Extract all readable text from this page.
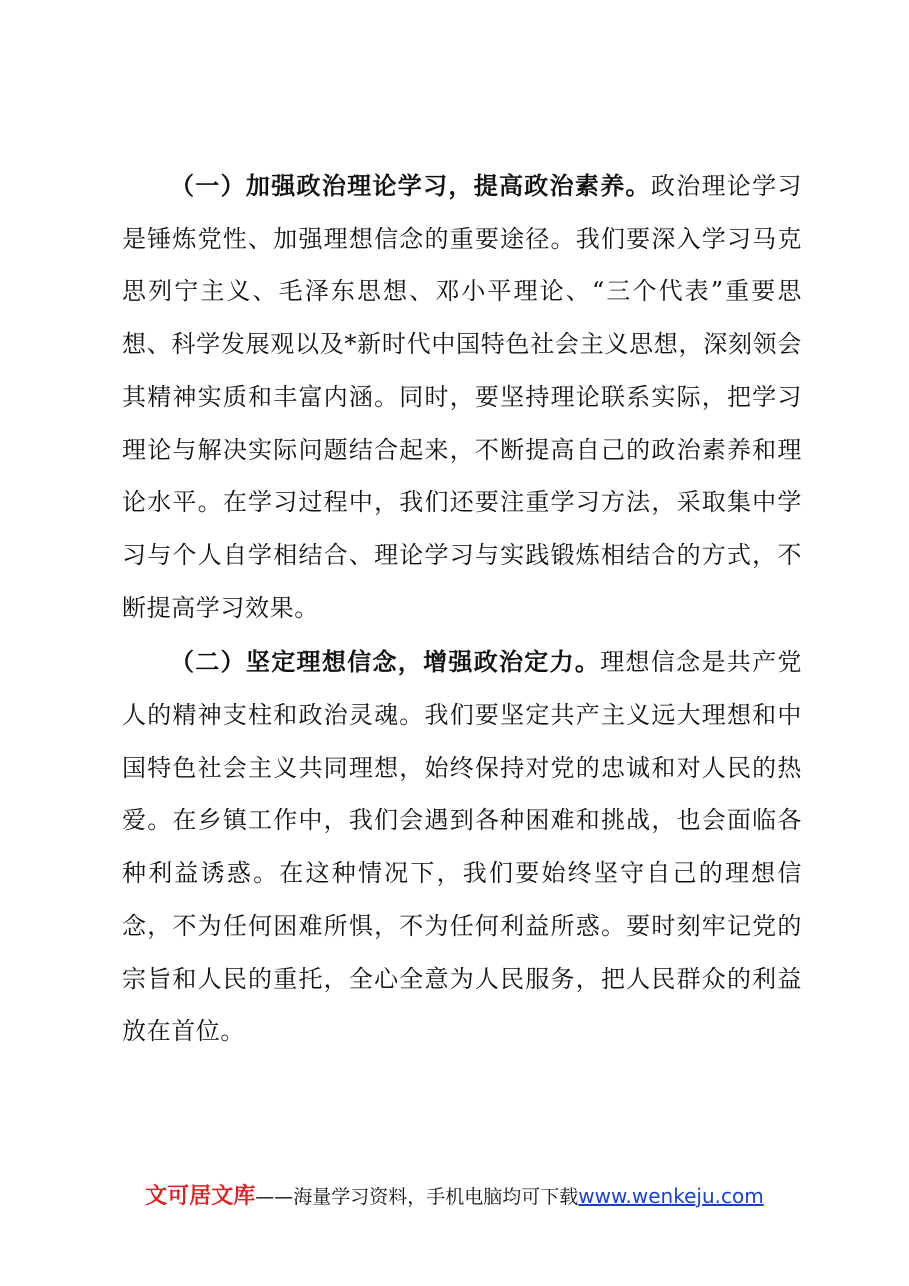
（一）加强政治理论学习，提高政治素养。政治理论学习是锤炼党性、加强理想信念的重要途径。我们要深入学习马克思列宁主义、毛泽东思想、邓小平理论、“三个代表”重要思想、科学发展观以及*新时代中国特色社会主义思想，深刻领会其精神实质和丰富内涵。同时，要坚持理论联系实际，把学习理论与解决实际问题结合起来，不断提高自己的政治素养和理论水平。在学习过程中，我们还要注重学习方法，采取集中学习与个人自学相结合、理论学习与实践锻炼相结合的方式，不断提高学习效果。

（二）坚定理想信念，增强政治定力。理想信念是共产党人的精神支柱和政治灵魂。我们要坚定共产主义远大理想和中国特色社会主义共同理想，始终保持对党的忠诚和对人民的热爱。在乡镇工作中，我们会遇到各种困难和挑战，也会面临各种利益诱惑。在这种情况下，我们要始终坚守自己的理想信念，不为任何困难所惧，不为任何利益所惑。要时刻牢记党的宗旨和人民的重托，全心全意为人民服务，把人民群众的利益放在首位。

文可居文库——海量学习资料，手机电脑均可下载www.wenkeju.com
